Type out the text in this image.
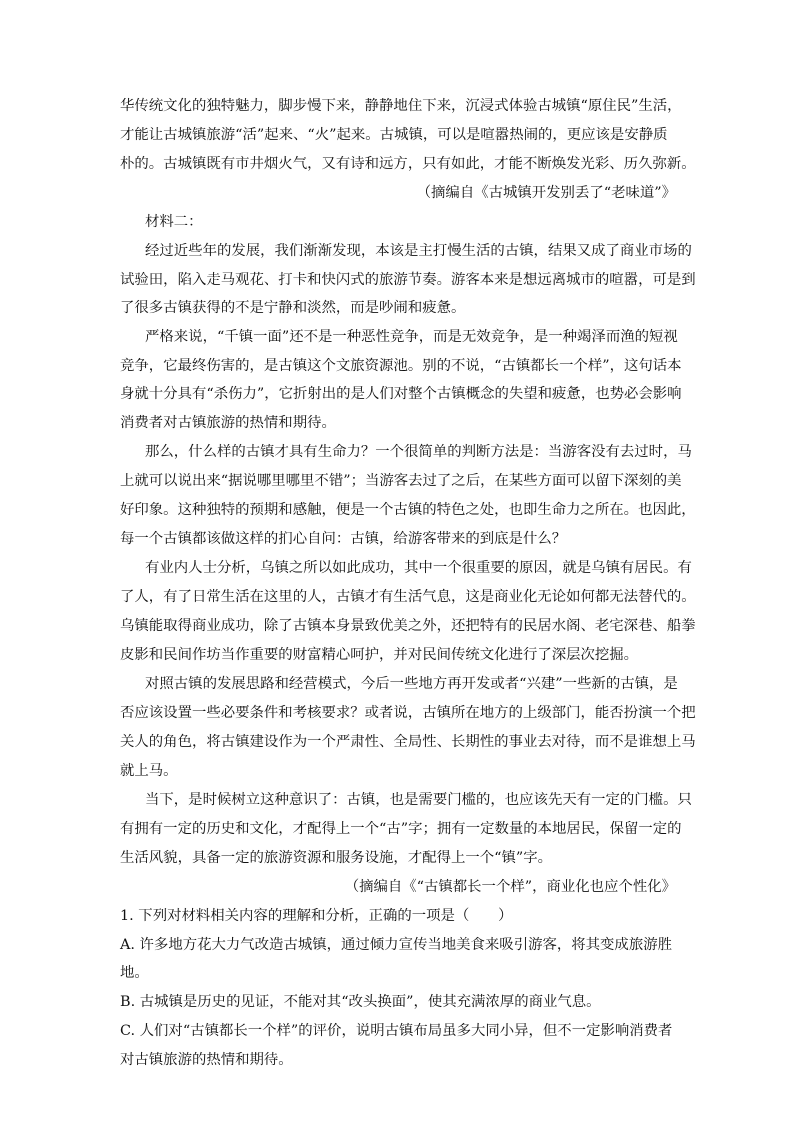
华传统文化的独特魅力，脚步慢下来，静静地住下来，沉浸式体验古城镇“原住民”生活，
才能让古城镇旅游“活”起来、“火”起来。古城镇，可以是喧嚣热闹的，更应该是安静质
朴的。古城镇既有市井烟火气，又有诗和远方，只有如此，才能不断焕发光彩、历久弥新。
（摘编自《古城镇开发别丢了“老味道”》
材料二：
经过近些年的发展，我们渐渐发现，本该是主打慢生活的古镇，结果又成了商业市场的
试验田，陷入走马观花、打卡和快闪式的旅游节奏。游客本来是想远离城市的喧嚣，可是到
了很多古镇获得的不是宁静和淡然，而是吵闹和疲惫。
严格来说，“千镇一面”还不是一种恶性竞争，而是无效竞争，是一种竭泽而渔的短视
竞争，它最终伤害的，是古镇这个文旅资源池。别的不说，“古镇都长一个样”，这句话本
身就十分具有“杀伤力”，它折射出的是人们对整个古镇概念的失望和疲惫，也势必会影响
消费者对古镇旅游的热情和期待。
那么，什么样的古镇才具有生命力？一个很简单的判断方法是：当游客没有去过时，马
上就可以说出来“据说哪里哪里不错”；当游客去过了之后，在某些方面可以留下深刻的美
好印象。这种独特的预期和感触，便是一个古镇的特色之处，也即生命力之所在。也因此，
每一个古镇都该做这样的扪心自问：古镇，给游客带来的到底是什么？
有业内人士分析，乌镇之所以如此成功，其中一个很重要的原因，就是乌镇有居民。有
了人，有了日常生活在这里的人，古镇才有生活气息，这是商业化无论如何都无法替代的。
乌镇能取得商业成功，除了古镇本身景致优美之外，还把特有的民居水阁、老宅深巷、船拳
皮影和民间作坊当作重要的财富精心呵护，并对民间传统文化进行了深层次挖掘。
对照古镇的发展思路和经营模式，今后一些地方再开发或者“兴建”一些新的古镇，是
否应该设置一些必要条件和考核要求？或者说，古镇所在地方的上级部门，能否扮演一个把
关人的角色，将古镇建设作为一个严肃性、全局性、长期性的事业去对待，而不是谁想上马
就上马。
当下，是时候树立这种意识了：古镇，也是需要门槛的，也应该先天有一定的门槛。只
有拥有一定的历史和文化，才配得上一个“古”字；拥有一定数量的本地居民，保留一定的
生活风貌，具备一定的旅游资源和服务设施，才配得上一个“镇”字。
（摘编自《“古镇都长一个样”，商业化也应个性化》
1. 下列对材料相关内容的理解和分析，正确的一项是（　　）
A. 许多地方花大力气改造古城镇，通过倾力宣传当地美食来吸引游客，将其变成旅游胜
地。
B. 古城镇是历史的见证，不能对其“改头换面”，使其充满浓厚的商业气息。
C. 人们对“古镇都长一个样”的评价，说明古镇布局虽多大同小异，但不一定影响消费者
对古镇旅游的热情和期待。
